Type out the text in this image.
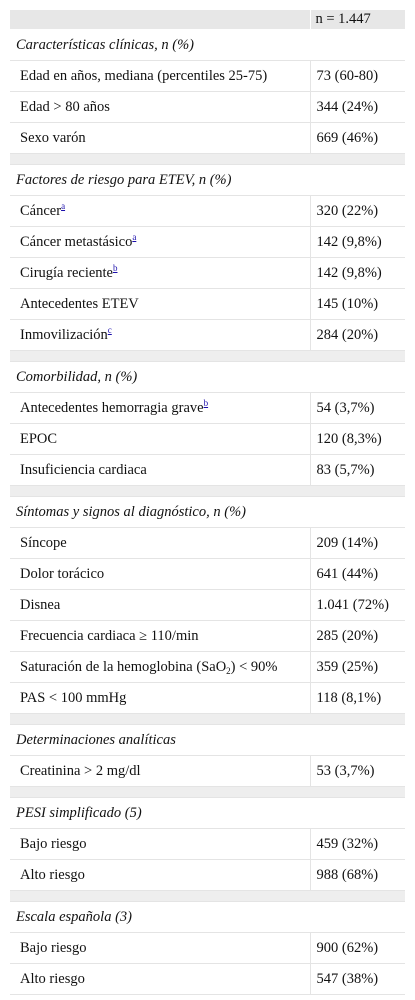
	n = 1.447
Características clínicas, n (%)	
Edad en años, mediana (percentiles 25-75)	73 (60-80)
Edad > 80 años	344 (24%)
Sexo varón	669 (46%)

Factores de riesgo para ETEV, n (%)	
Cáncer$^a$	320 (22%)
Cáncer metastásico$^a$	142 (9,8%)
Cirugía reciente$^b$	142 (9,8%)
Antecedentes ETEV	145 (10%)
Inmovilización$^c$	284 (20%)

Comorbilidad, n (%)	
Antecedentes hemorragia grave$^b$	54 (3,7%)
EPOC	120 (8,3%)
Insuficiencia cardiaca	83 (5,7%)

Síntomas y signos al diagnóstico, n (%)	
Síncope	209 (14%)
Dolor torácico	641 (44%)
Disnea	1.041 (72%)
Frecuencia cardiaca ≥ 110/min	285 (20%)
Saturación de la hemoglobina (SaO$_2$) < 90%	359 (25%)
PAS < 100 mmHg	118 (8,1%)

Determinaciones analíticas	
Creatinina > 2 mg/dl	53 (3,7%)

PESI simplificado (5)	
Bajo riesgo	459 (32%)
Alto riesgo	988 (68%)

Escala española (3)	
Bajo riesgo	900 (62%)
Alto riesgo	547 (38%)
